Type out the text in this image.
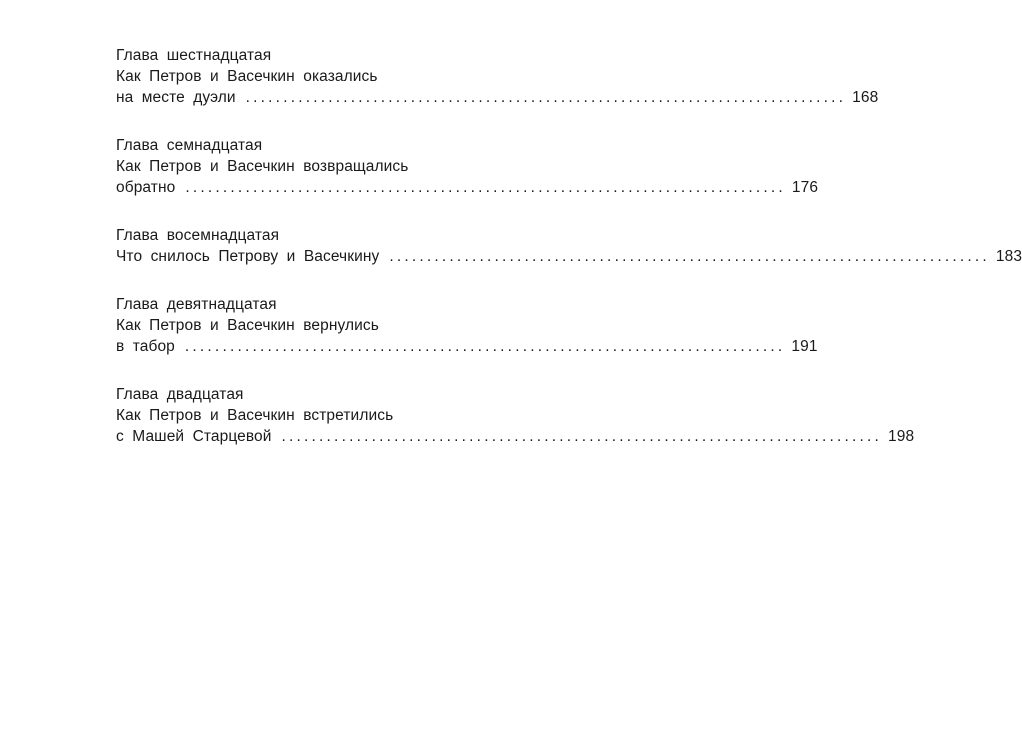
Глава шестнадцатая
Как Петров и Васечкин оказались
на месте дуэли ................................................................................ 168
Глава семнадцатая
Как Петров и Васечкин возвращались
обратно ................................................................................ 176
Глава восемнадцатая
Что снилось Петрову и Васечкину ................................................................................ 183
Глава девятнадцатая
Как Петров и Васечкин вернулись
в табор ................................................................................ 191
Глава двадцатая
Как Петров и Васечкин встретились
с Машей Старцевой ................................................................................ 198
